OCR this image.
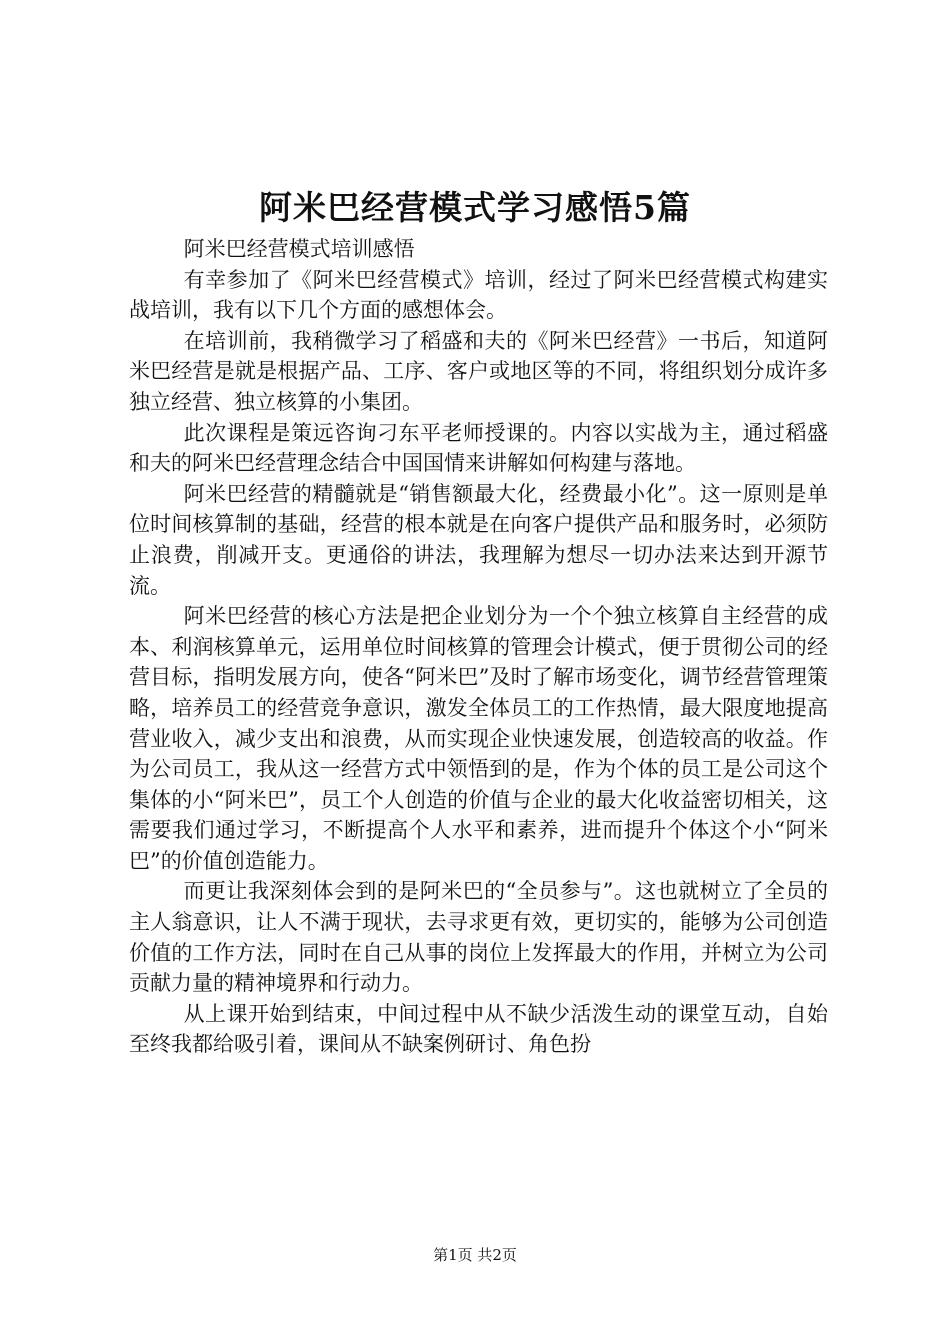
阿米巴经营模式学习感悟5篇

阿米巴经营模式培训感悟

有幸参加了《阿米巴经营模式》培训，经过了阿米巴经营模式构建实战培训，我有以下几个方面的感想体会。

在培训前，我稍微学习了稻盛和夫的《阿米巴经营》一书后，知道阿米巴经营是就是根据产品、工序、客户或地区等的不同，将组织划分成许多独立经营、独立核算的小集团。

此次课程是策远咨询刁东平老师授课的。内容以实战为主，通过稻盛和夫的阿米巴经营理念结合中国国情来讲解如何构建与落地。

阿米巴经营的精髓就是“销售额最大化，经费最小化”。这一原则是单位时间核算制的基础，经营的根本就是在向客户提供产品和服务时，必须防止浪费，削减开支。更通俗的讲法，我理解为想尽一切办法来达到开源节流。

阿米巴经营的核心方法是把企业划分为一个个独立核算自主经营的成本、利润核算单元，运用单位时间核算的管理会计模式，便于贯彻公司的经营目标，指明发展方向，使各“阿米巴”及时了解市场变化，调节经营管理策略，培养员工的经营竞争意识，激发全体员工的工作热情，最大限度地提高营业收入，减少支出和浪费，从而实现企业快速发展，创造较高的收益。作为公司员工，我从这一经营方式中领悟到的是，作为个体的员工是公司这个集体的小“阿米巴”，员工个人创造的价值与企业的最大化收益密切相关，这需要我们通过学习，不断提高个人水平和素养，进而提升个体这个小“阿米巴”的价值创造能力。

而更让我深刻体会到的是阿米巴的“全员参与”。这也就树立了全员的主人翁意识，让人不满于现状，去寻求更有效，更切实的，能够为公司创造价值的工作方法，同时在自己从事的岗位上发挥最大的作用，并树立为公司贡献力量的精神境界和行动力。

从上课开始到结束，中间过程中从不缺少活泼生动的课堂互动，自始至终我都给吸引着，课间从不缺案例研讨、角色扮

第1页 共2页
